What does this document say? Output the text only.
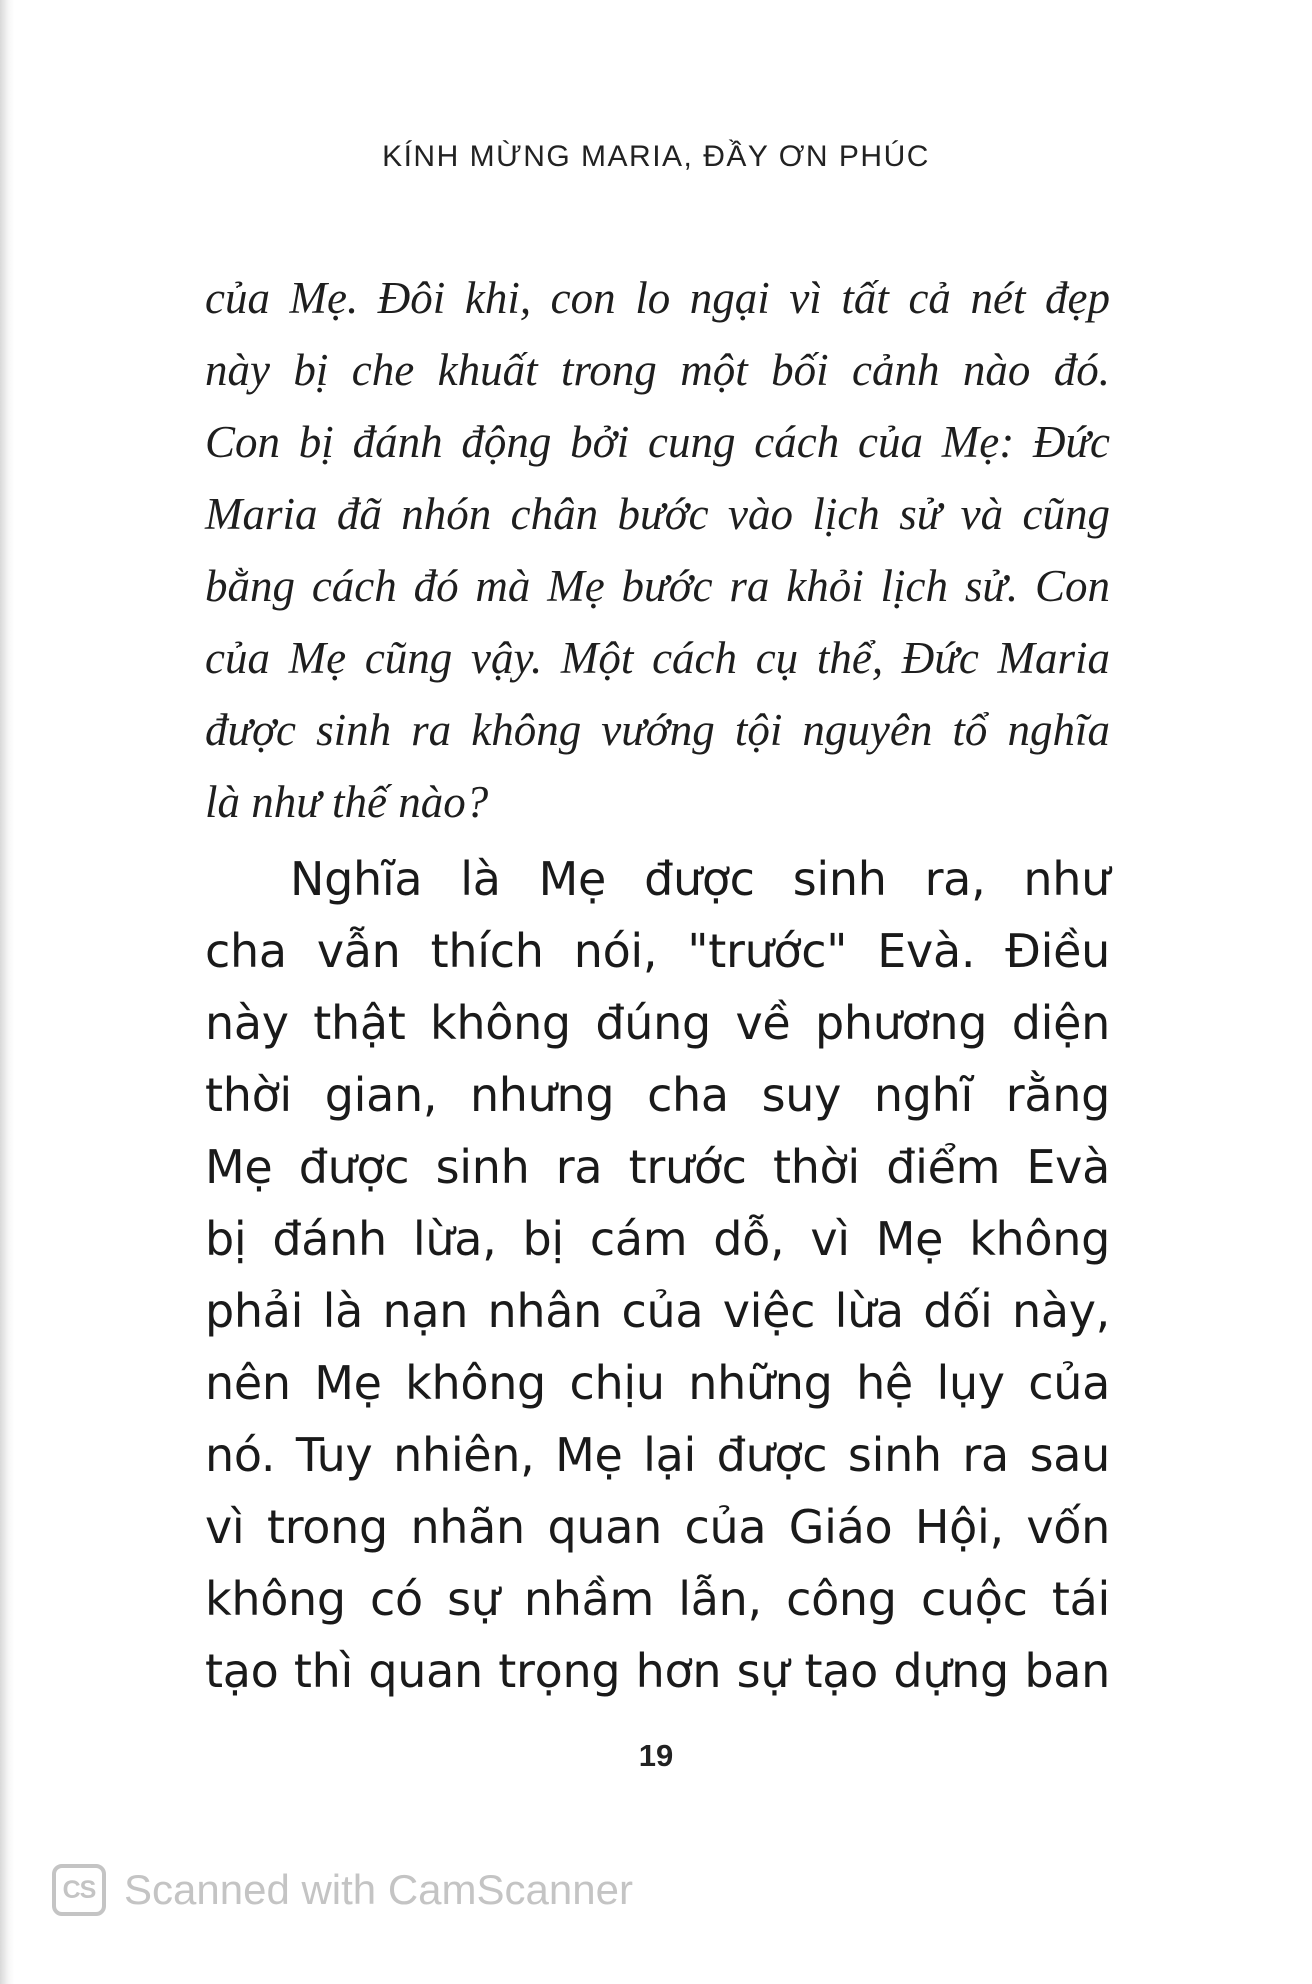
KÍNH MỪNG MARIA, ĐẦY ƠN PHÚC
của Mẹ. Đôi khi, con lo ngại vì tất cả nét đẹp
này bị che khuất trong một bối cảnh nào đó.
Con bị đánh động bởi cung cách của Mẹ: Đức
Maria đã nhón chân bước vào lịch sử và cũng
bằng cách đó mà Mẹ bước ra khỏi lịch sử. Con
của Mẹ cũng vậy. Một cách cụ thể, Đức Maria
được sinh ra không vướng tội nguyên tổ nghĩa
là như thế nào?
Nghĩa là Mẹ được sinh ra, như
cha vẫn thích nói, "trước" Evà. Điều
này thật không đúng về phương diện
thời gian, nhưng cha suy nghĩ rằng
Mẹ được sinh ra trước thời điểm Evà
bị đánh lừa, bị cám dỗ, vì Mẹ không
phải là nạn nhân của việc lừa dối này,
nên Mẹ không chịu những hệ lụy của
nó. Tuy nhiên, Mẹ lại được sinh ra sau
vì trong nhãn quan của Giáo Hội, vốn
không có sự nhầm lẫn, công cuộc tái
tạo thì quan trọng hơn sự tạo dựng ban
19
CS Scanned with CamScanner
